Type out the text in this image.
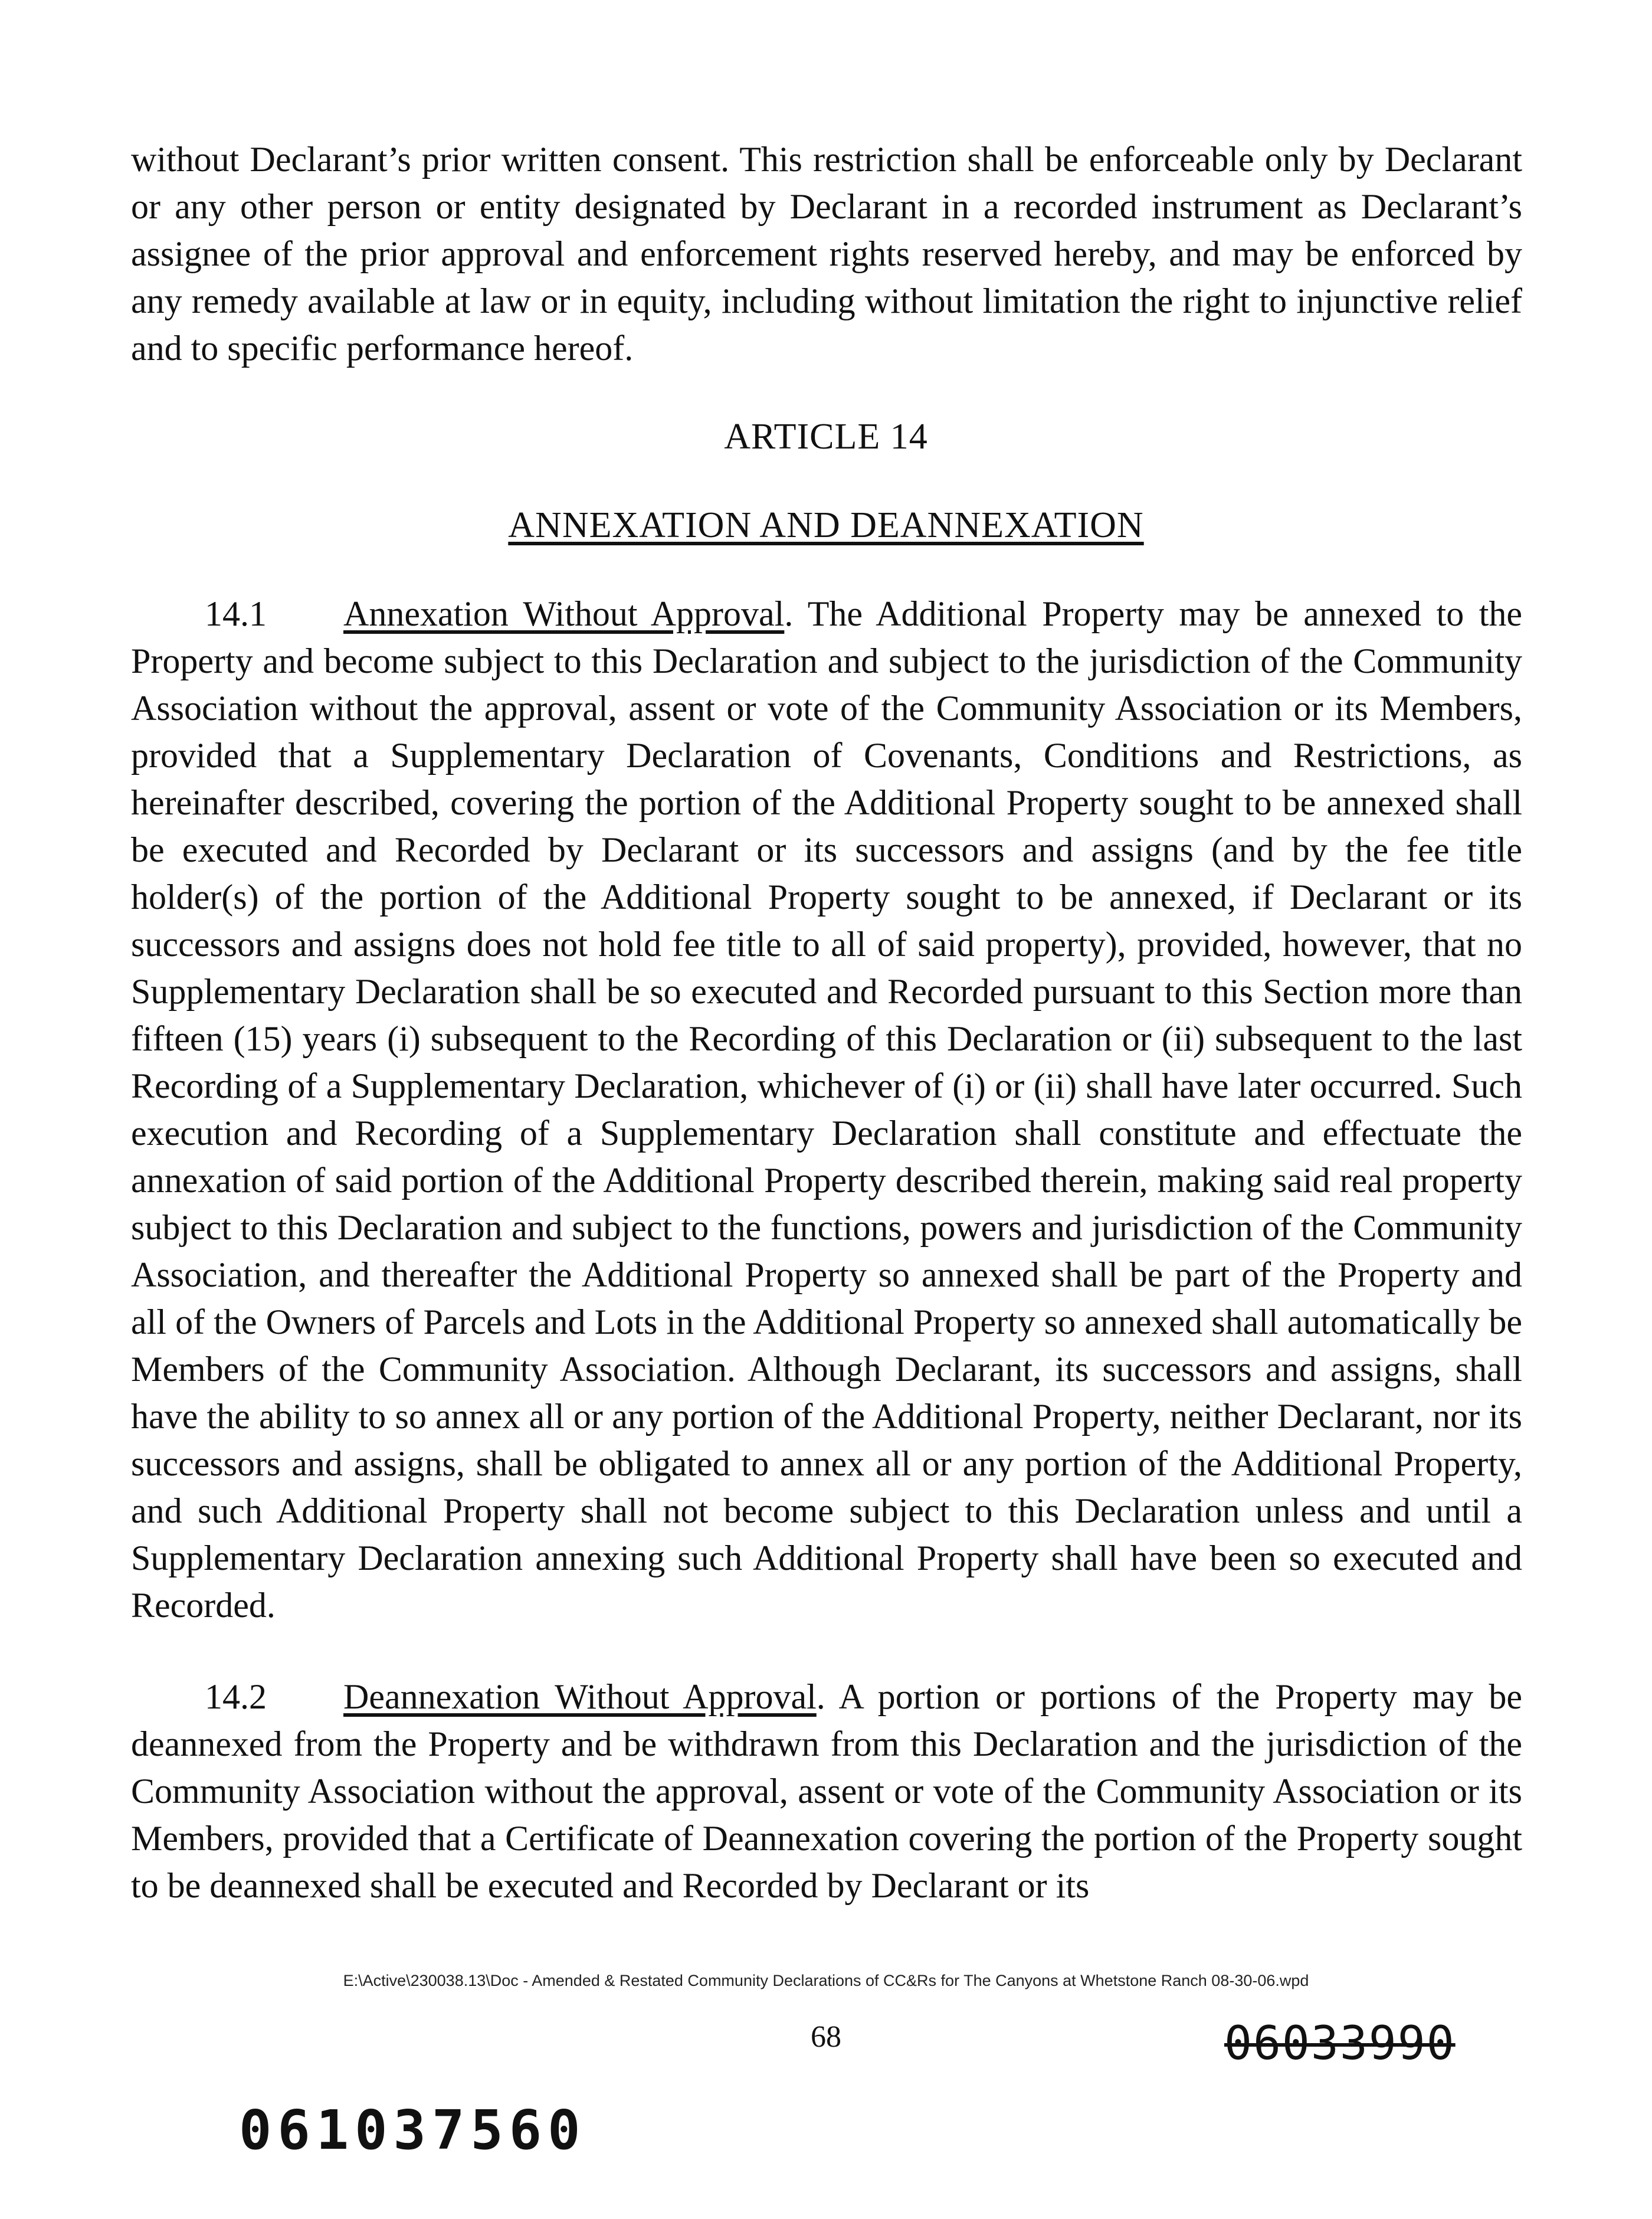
without Declarant’s prior written consent. This restriction shall be enforceable only by Declarant or any other person or entity designated by Declarant in a recorded instrument as Declarant’s assignee of the prior approval and enforcement rights reserved hereby, and may be enforced by any remedy available at law or in equity, including without limitation the right to injunctive relief and to specific performance hereof.

ARTICLE 14
ANNEXATION AND DEANNEXATION

14.1 Annexation Without Approval. The Additional Property may be annexed to the Property and become subject to this Declaration and subject to the jurisdiction of the Community Association without the approval, assent or vote of the Community Association or its Members, provided that a Supplementary Declaration of Covenants, Conditions and Restrictions, as hereinafter described, covering the portion of the Additional Property sought to be annexed shall be executed and Recorded by Declarant or its successors and assigns (and by the fee title holder(s) of the portion of the Additional Property sought to be annexed, if Declarant or its successors and assigns does not hold fee title to all of said property), provided, however, that no Supplementary Declaration shall be so executed and Recorded pursuant to this Section more than fifteen (15) years (i) subsequent to the Recording of this Declaration or (ii) subsequent to the last Recording of a Supplementary Declaration, whichever of (i) or (ii) shall have later occurred. Such execution and Recording of a Supplementary Declaration shall constitute and effectuate the annexation of said portion of the Additional Property described therein, making said real property subject to this Declaration and subject to the functions, powers and jurisdiction of the Community Association, and thereafter the Additional Property so annexed shall be part of the Property and all of the Owners of Parcels and Lots in the Additional Property so annexed shall automatically be Members of the Community Association. Although Declarant, its successors and assigns, shall have the ability to so annex all or any portion of the Additional Property, neither Declarant, nor its successors and assigns, shall be obligated to annex all or any portion of the Additional Property, and such Additional Property shall not become subject to this Declaration unless and until a Supplementary Declaration annexing such Additional Property shall have been so executed and Recorded.

14.2 Deannexation Without Approval. A portion or portions of the Property may be deannexed from the Property and be withdrawn from this Declaration and the jurisdiction of the Community Association without the approval, assent or vote of the Community Association or its Members, provided that a Certificate of Deannexation covering the portion of the Property sought to be deannexed shall be executed and Recorded by Declarant or its

E:\Active\230038.13\Doc - Amended & Restated Community Declarations of CC&Rs for The Canyons at Whetstone Ranch 08-30-06.wpd
68	06033990
061037560
